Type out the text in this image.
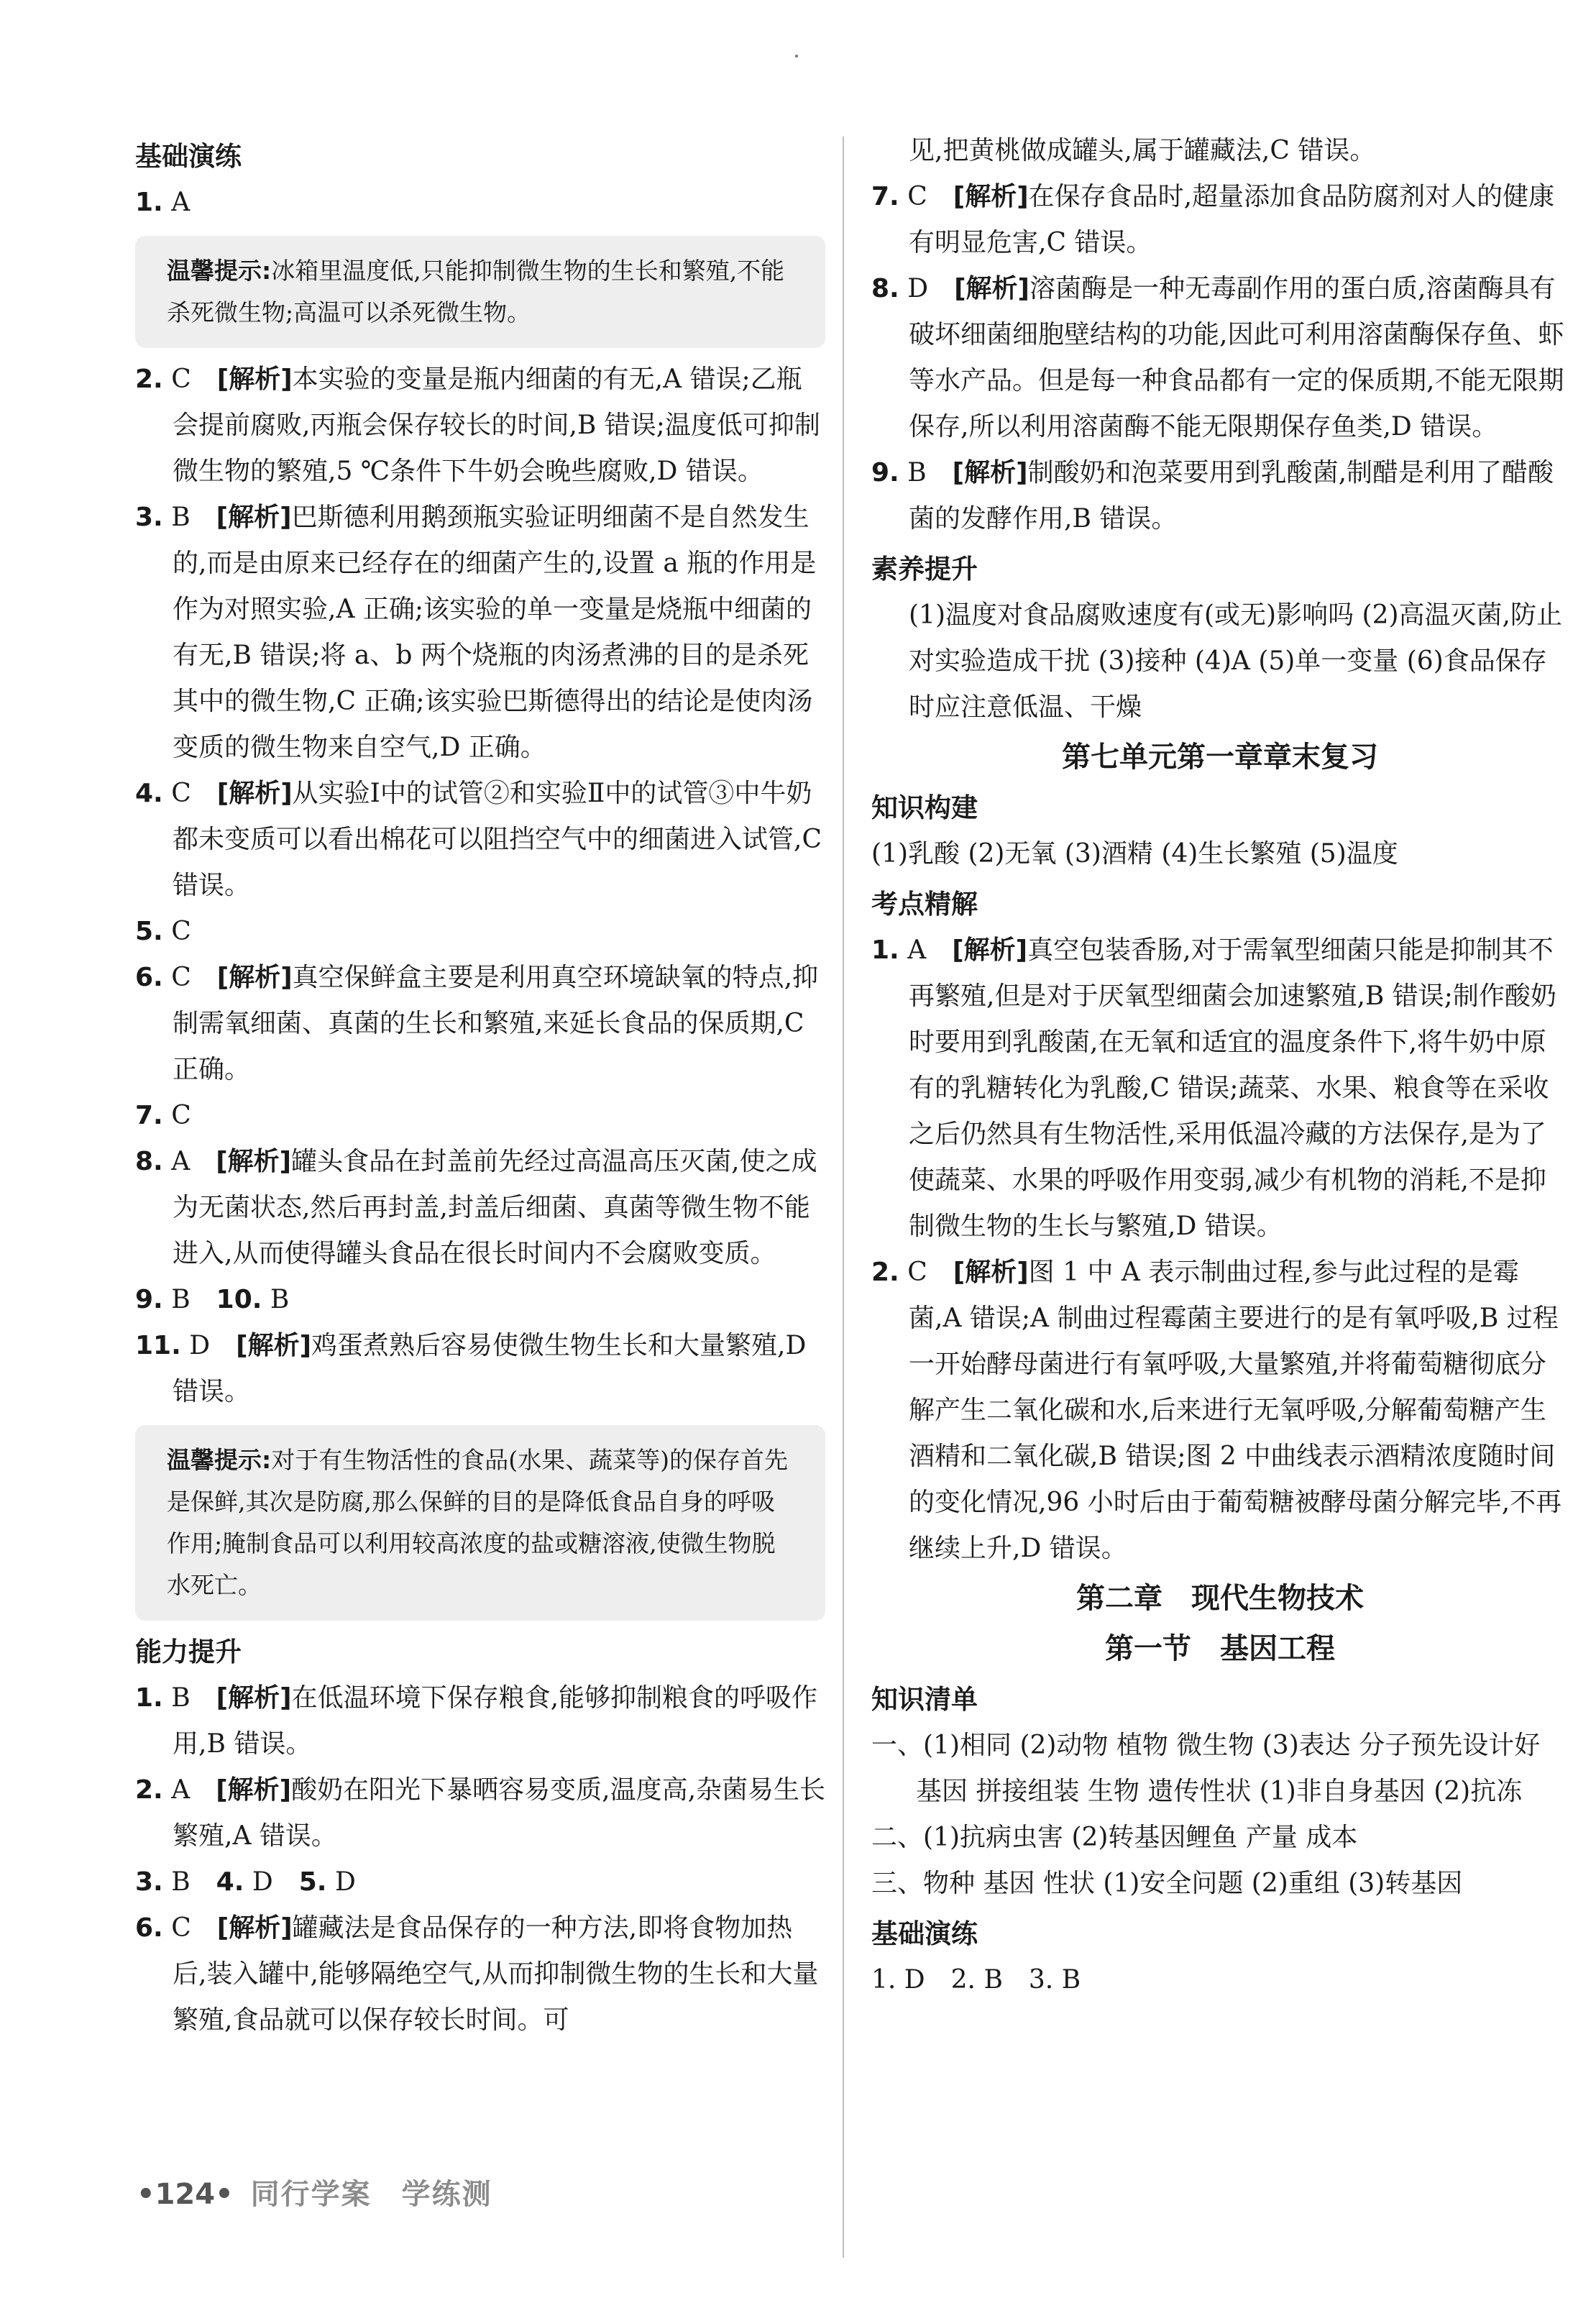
基础演练

1. A

温馨提示:冰箱里温度低,只能抑制微生物的生长和繁殖,不能杀死微生物;高温可以杀死微生物。

2. C　 [解析]本实验的变量是瓶内细菌的有无,A 错误;乙瓶会提前腐败,丙瓶会保存较长的时间,B 错误;温度低可抑制微生物的繁殖,5 ℃条件下牛奶会晚些腐败,D 错误。

3. B　 [解析]巴斯德利用鹅颈瓶实验证明细菌不是自然发生的,而是由原来已经存在的细菌产生的,设置 a 瓶的作用是作为对照实验,A 正确;该实验的单一变量是烧瓶中细菌的有无,B 错误;将 a、b 两个烧瓶的肉汤煮沸的目的是杀死其中的微生物,C 正确;该实验巴斯德得出的结论是使肉汤变质的微生物来自空气,D 正确。

4. C　 [解析]从实验Ⅰ中的试管②和实验Ⅱ中的试管③中牛奶都未变质可以看出棉花可以阻挡空气中的细菌进入试管,C 错误。

5. C

6. C　 [解析]真空保鲜盒主要是利用真空环境缺氧的特点,抑制需氧细菌、真菌的生长和繁殖,来延长食品的保质期,C 正确。

7. C

8. A　 [解析]罐头食品在封盖前先经过高温高压灭菌,使之成为无菌状态,然后再封盖,封盖后细菌、真菌等微生物不能进入,从而使得罐头食品在很长时间内不会腐败变质。

9. B　 10. B

11. D　 [解析]鸡蛋煮熟后容易使微生物生长和大量繁殖,D 错误。

温馨提示:对于有生物活性的食品(水果、蔬菜等)的保存首先是保鲜,其次是防腐,那么保鲜的目的是降低食品自身的呼吸作用;腌制食品可以利用较高浓度的盐或糖溶液,使微生物脱水死亡。
能力提升

1. B　 [解析]在低温环境下保存粮食,能够抑制粮食的呼吸作用,B 错误。

2. A　 [解析]酸奶在阳光下暴晒容易变质,温度高,杂菌易生长繁殖,A 错误。

3. B　 4. D　 5. D

6. C　 [解析]罐藏法是食品保存的一种方法,即将食物加热后,装入罐中,能够隔绝空气,从而抑制微生物的生长和大量繁殖,食品就可以保存较长时间。可

见,把黄桃做成罐头,属于罐藏法,C 错误。

7. C　 [解析]在保存食品时,超量添加食品防腐剂对人的健康有明显危害,C 错误。

8. D　 [解析]溶菌酶是一种无毒副作用的蛋白质,溶菌酶具有破坏细菌细胞壁结构的功能,因此可利用溶菌酶保存鱼、虾等水产品。但是每一种食品都有一定的保质期,不能无限期保存,所以利用溶菌酶不能无限期保存鱼类,D 错误。

9. B　 [解析]制酸奶和泡菜要用到乳酸菌,制醋是利用了醋酸菌的发酵作用,B 错误。

素养提升

(1)温度对食品腐败速度有(或无)影响吗 (2)高温灭菌,防止对实验造成干扰 (3)接种 (4)A (5)单一变量 (6)食品保存时应注意低温、干燥

第七单元第一章章末复习
知识构建

(1)乳酸 (2)无氧 (3)酒精 (4)生长繁殖 (5)温度

考点精解

1. A　 [解析]真空包装香肠,对于需氧型细菌只能是抑制其不再繁殖,但是对于厌氧型细菌会加速繁殖,B 错误;制作酸奶时要用到乳酸菌,在无氧和适宜的温度条件下,将牛奶中原有的乳糖转化为乳酸,C 错误;蔬菜、水果、粮食等在采收之后仍然具有生物活性,采用低温冷藏的方法保存,是为了使蔬菜、水果的呼吸作用变弱,减少有机物的消耗,不是抑制微生物的生长与繁殖,D 错误。

2. C　 [解析]图 1 中 A 表示制曲过程,参与此过程的是霉菌,A 错误;A 制曲过程霉菌主要进行的是有氧呼吸,B 过程一开始酵母菌进行有氧呼吸,大量繁殖,并将葡萄糖彻底分解产生二氧化碳和水,后来进行无氧呼吸,分解葡萄糖产生酒精和二氧化碳,B 错误;图 2 中曲线表示酒精浓度随时间的变化情况,96 小时后由于葡萄糖被酵母菌分解完毕,不再继续上升,D 错误。

第二章　现代生物技术
第一节　基因工程
知识清单

一、(1)相同 (2)动物 植物 微生物 (3)表达 分子预先设计好 基因 拼接组装 生物 遗传性状 (1)非自身基因 (2)抗冻

二、(1)抗病虫害 (2)转基因鲤鱼 产量 成本

三、物种 基因 性状 (1)安全问题 (2)重组 (3)转基因

基础演练

1. D　2. B　3. B

•124• 同行学案　学练测
